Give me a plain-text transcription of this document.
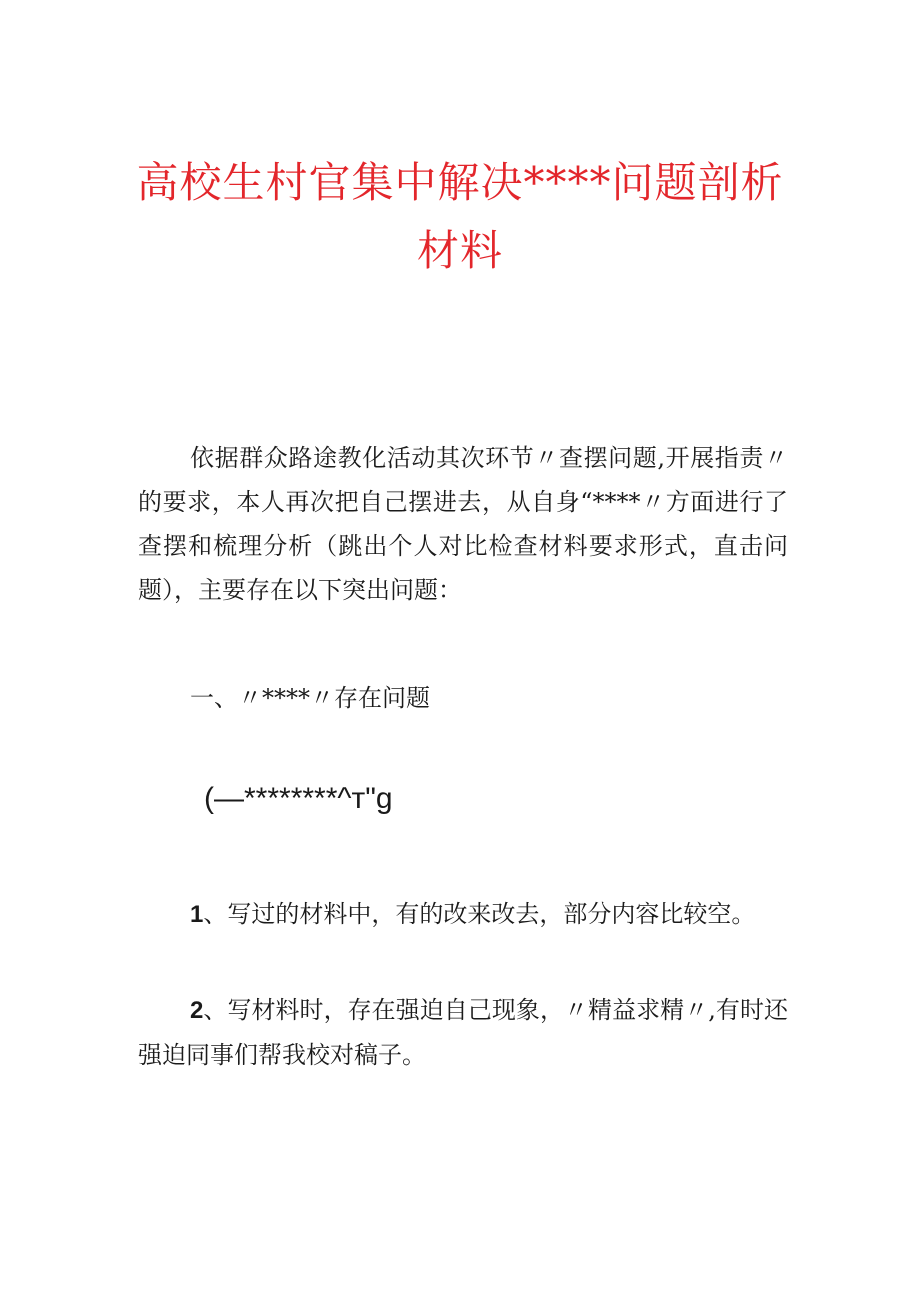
高校生村官集中解决****问题剖析
材料

依据群众路途教化活动其次环节〃查摆问题,开展指责〃的要求，本人再次把自己摆进去，从自身“****〃方面进行了查摆和梳理分析（跳出个人对比检查材料要求形式，直击问题），主要存在以下突出问题：

一、〃****〃存在问题

(—********^т"g

1、写过的材料中，有的改来改去，部分内容比较空。

2、写材料时，存在强迫自己现象，〃精益求精〃,有时还强迫同事们帮我校对稿子。
